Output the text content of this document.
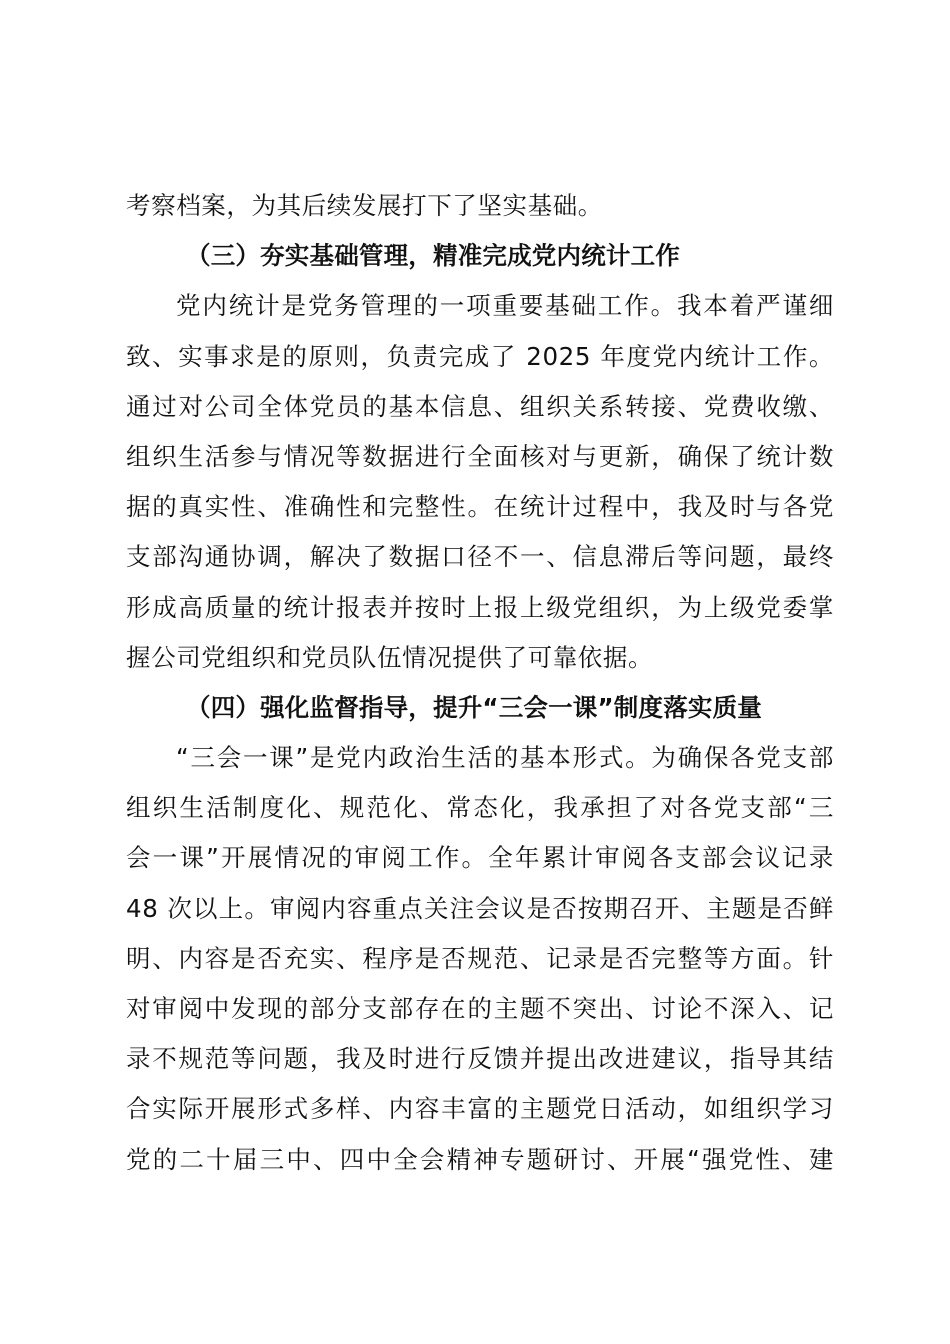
考察档案，为其后续发展打下了坚实基础。
（三）夯实基础管理，精准完成党内统计工作
党内统计是党务管理的一项重要基础工作。我本着严谨细
致、实事求是的原则，负责完成了 2025 年度党内统计工作。
通过对公司全体党员的基本信息、组织关系转接、党费收缴、
组织生活参与情况等数据进行全面核对与更新，确保了统计数
据的真实性、准确性和完整性。在统计过程中，我及时与各党
支部沟通协调，解决了数据口径不一、信息滞后等问题，最终
形成高质量的统计报表并按时上报上级党组织，为上级党委掌
握公司党组织和党员队伍情况提供了可靠依据。
（四）强化监督指导，提升“三会一课”制度落实质量
“三会一课”是党内政治生活的基本形式。为确保各党支部
组织生活制度化、规范化、常态化，我承担了对各党支部“三
会一课”开展情况的审阅工作。全年累计审阅各支部会议记录
48 次以上。审阅内容重点关注会议是否按期召开、主题是否鲜
明、内容是否充实、程序是否规范、记录是否完整等方面。针
对审阅中发现的部分支部存在的主题不突出、讨论不深入、记
录不规范等问题，我及时进行反馈并提出改进建议，指导其结
合实际开展形式多样、内容丰富的主题党日活动，如组织学习
党的二十届三中、四中全会精神专题研讨、开展“强党性、建
